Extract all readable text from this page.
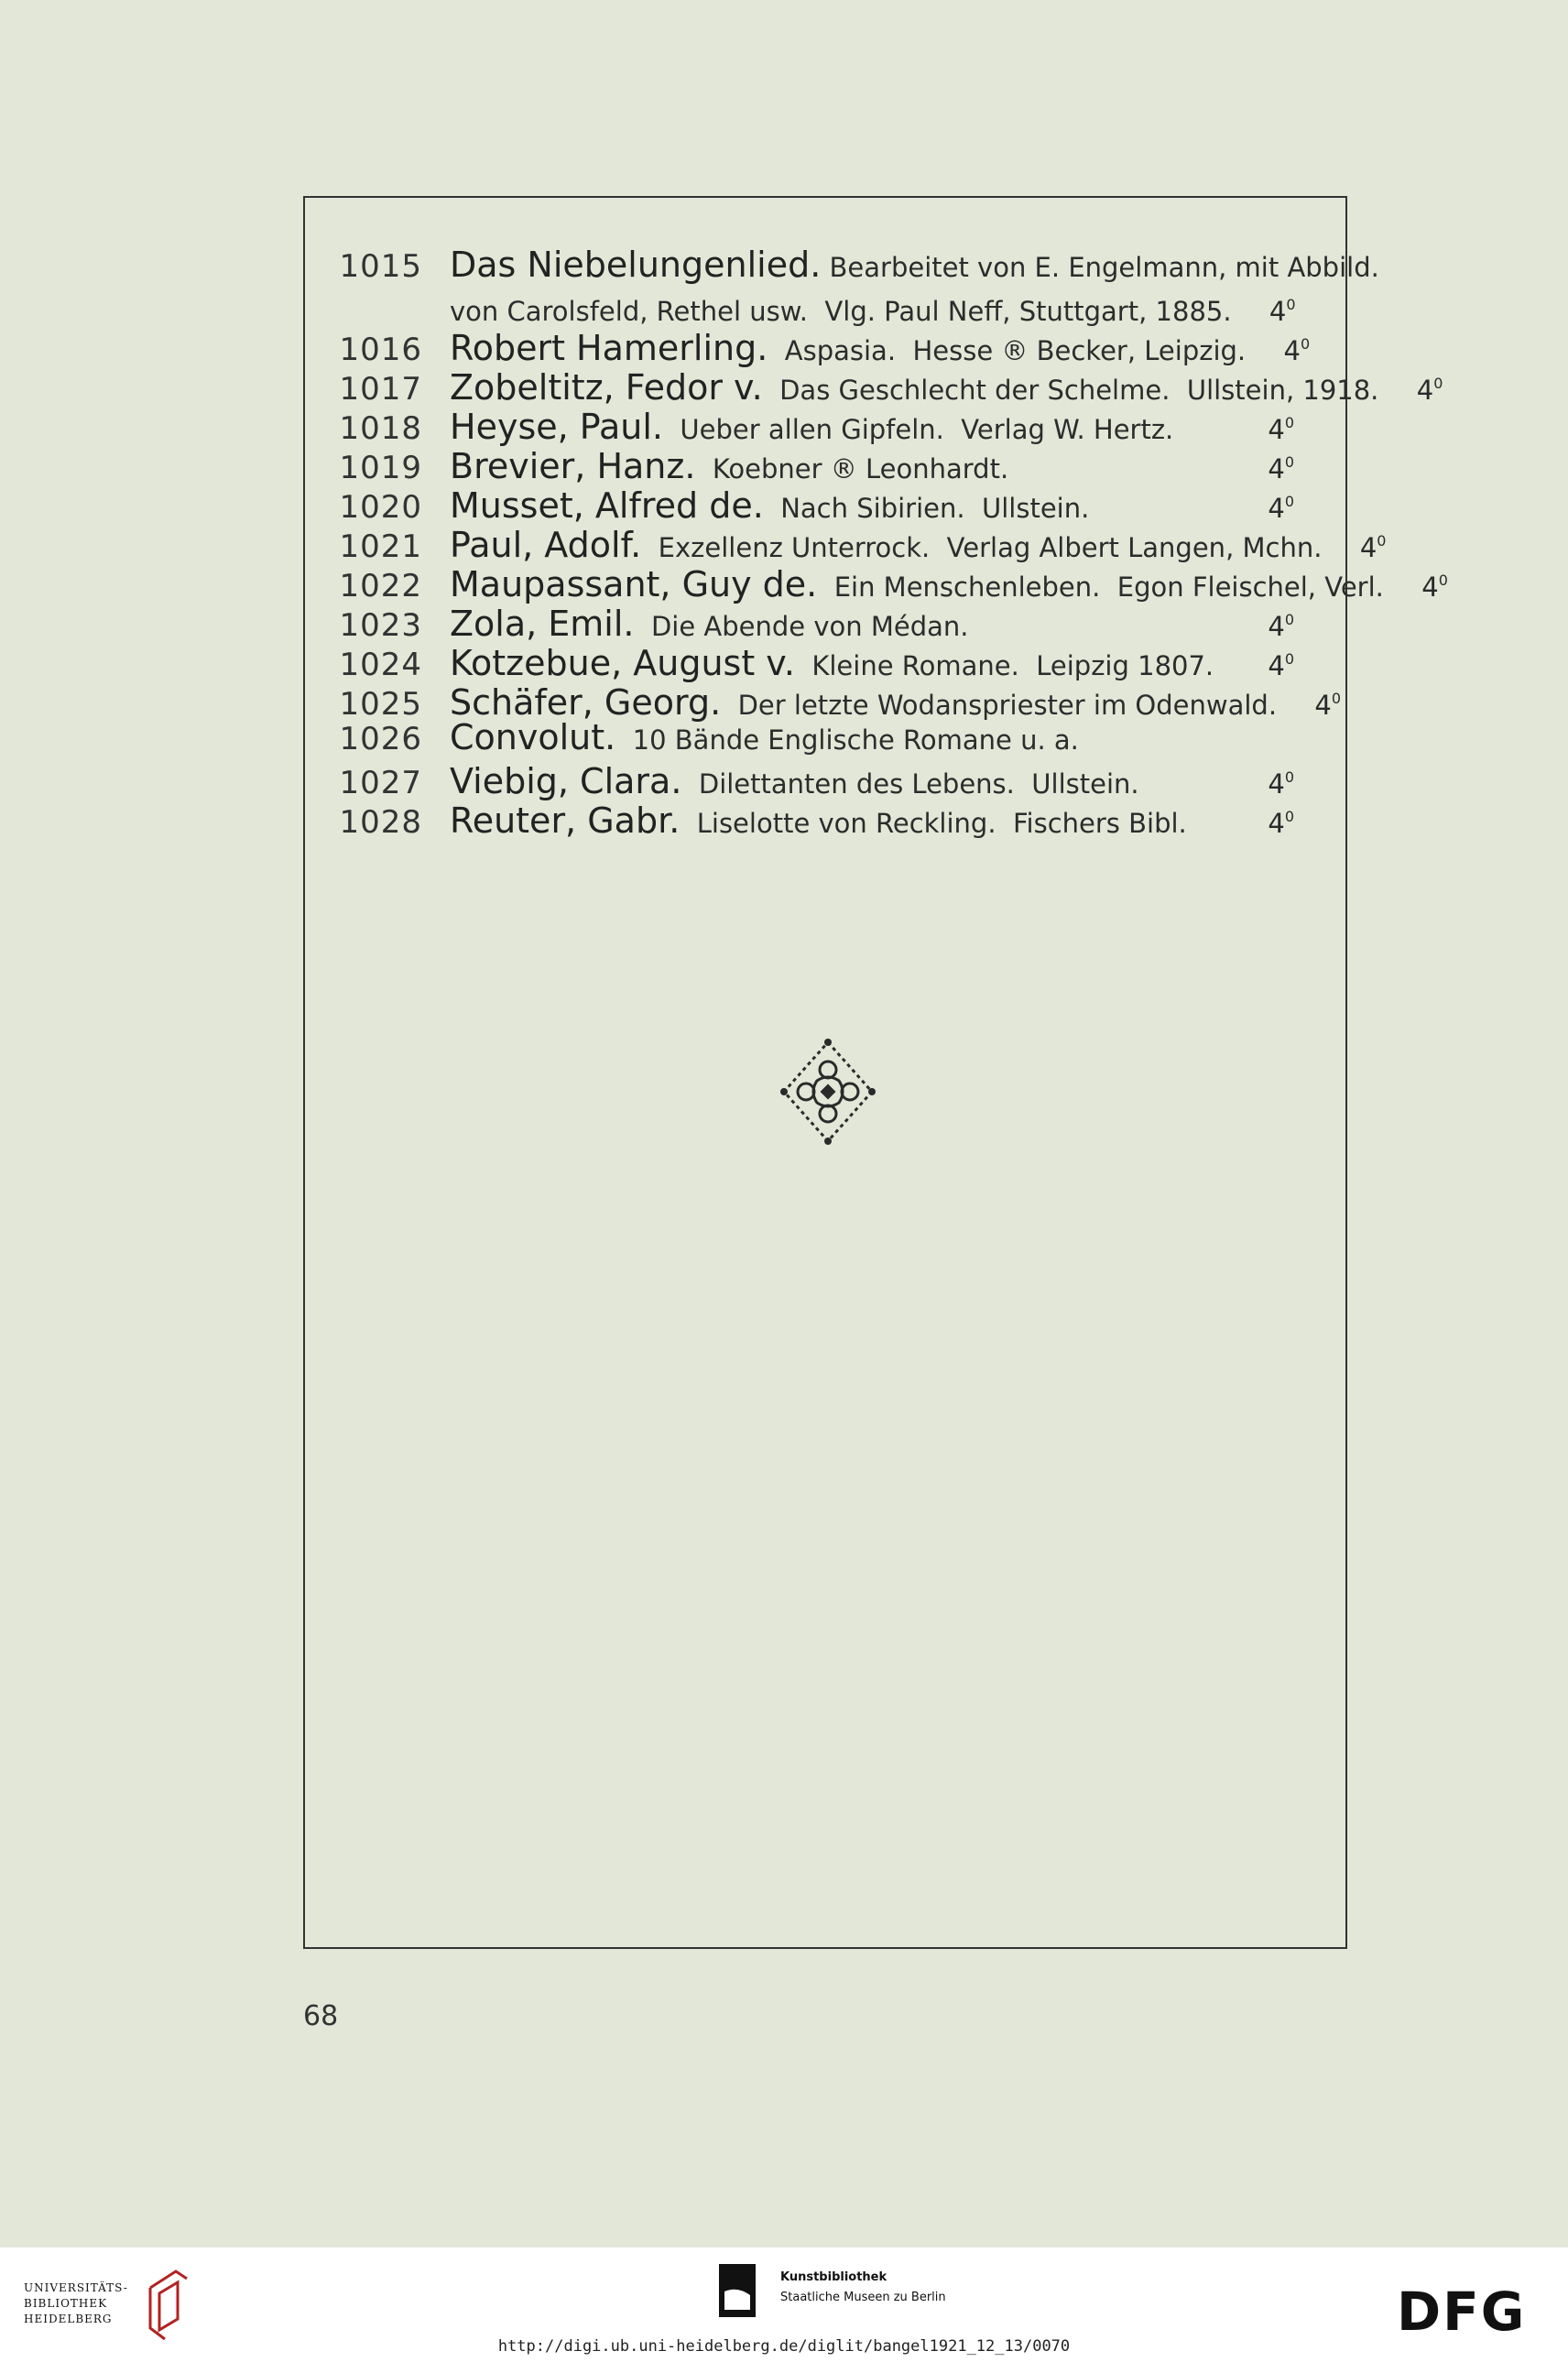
1015 Das Niebelungenlied. Bearbeitet von E. Engelmann, mit Abbild.
von Carolsfeld, Rethel usw.  Vlg. Paul Neff, Stuttgart, 1885.	$4^0$
1016 Robert Hamerling.  Aspasia.  Hesse ® Becker, Leipzig.	$4^0$
1017 Zobeltitz, Fedor v.  Das Geschlecht der Schelme.  Ullstein, 1918.	$4^0$
1018 Heyse, Paul.  Ueber allen Gipfeln.  Verlag W. Hertz.	$4^0$
1019 Brevier, Hanz.  Koebner ® Leonhardt.	$4^0$
1020 Musset, Alfred de.  Nach Sibirien.  Ullstein.	$4^0$
1021 Paul, Adolf.  Exzellenz Unterrock.  Verlag Albert Langen, Mchn.	$4^0$
1022 Maupassant, Guy de.  Ein Menschenleben.  Egon Fleischel, Verl.	$4^0$
1023 Zola, Emil.  Die Abende von Médan.	$4^0$
1024 Kotzebue, August v.  Kleine Romane.  Leipzig 1807.	$4^0$
1025 Schäfer, Georg.  Der letzte Wodanspriester im Odenwald.	$4^0$
1026 Convolut.  10 Bände Englische Romane u. a.
1027 Viebig, Clara.  Dilettanten des Lebens.  Ullstein.	$4^0$
1028 Reuter, Gabr.  Liselotte von Reckling.  Fischers Bibl.	$4^0$
68
UNIVERSITÄTS-
BIBLIOTHEK
HEIDELBERG
Kunstbibliothek
Staatliche Museen zu Berlin	DFG
http://digi.ub.uni-heidelberg.de/diglit/bangel1921_12_13/0070
